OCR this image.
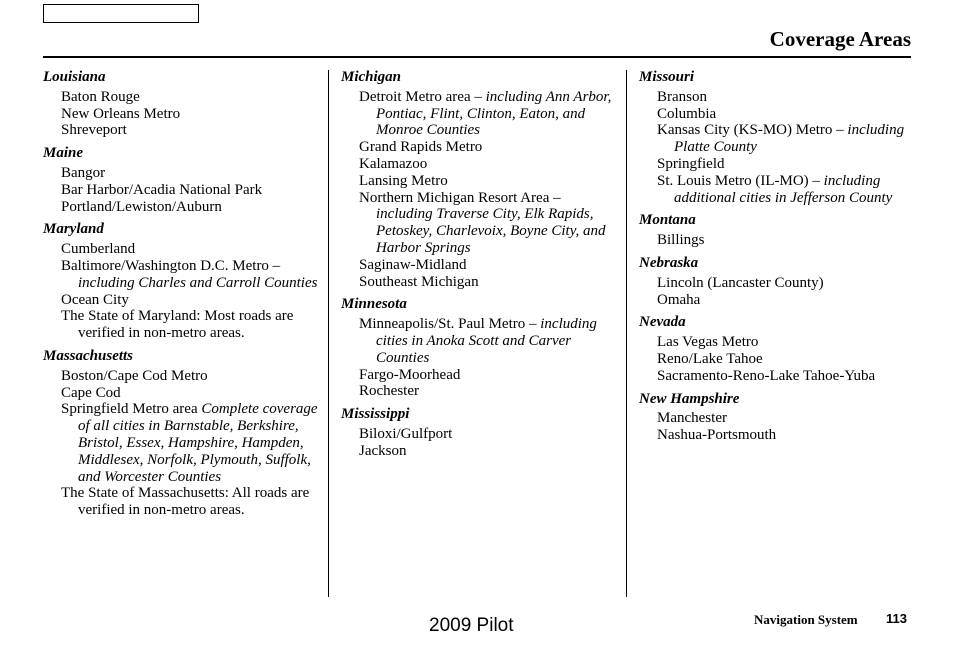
Coverage Areas
Louisiana
Baton Rouge
New Orleans Metro
Shreveport
Maine
Bangor
Bar Harbor/Acadia National Park
Portland/Lewiston/Auburn
Maryland
Cumberland
Baltimore/Washington D.C. Metro – including Charles and Carroll Counties
Ocean City
The State of Maryland: Most roads are verified in non-metro areas.
Massachusetts
Boston/Cape Cod Metro
Cape Cod
Springfield Metro area Complete coverage of all cities in Barnstable, Berkshire, Bristol, Essex, Hampshire, Hampden, Middlesex, Norfolk, Plymouth, Suffolk, and Worcester Counties
The State of Massachusetts: All roads are verified in non-metro areas.
Michigan
Detroit Metro area – including Ann Arbor, Pontiac, Flint, Clinton, Eaton, and Monroe Counties
Grand Rapids Metro
Kalamazoo
Lansing Metro
Northern Michigan Resort Area – including Traverse City, Elk Rapids, Petoskey, Charlevoix, Boyne City, and Harbor Springs
Saginaw-Midland
Southeast Michigan
Minnesota
Minneapolis/St. Paul Metro – including cities in Anoka Scott and Carver Counties
Fargo-Moorhead
Rochester
Mississippi
Biloxi/Gulfport
Jackson
Missouri
Branson
Columbia
Kansas City (KS-MO) Metro – including Platte County
Springfield
St. Louis Metro (IL-MO) – including additional cities in Jefferson County
Montana
Billings
Nebraska
Lincoln (Lancaster County)
Omaha
Nevada
Las Vegas Metro
Reno/Lake Tahoe
Sacramento-Reno-Lake Tahoe-Yuba
New Hampshire
Manchester
Nashua-Portsmouth
Navigation System 113
2009 Pilot
